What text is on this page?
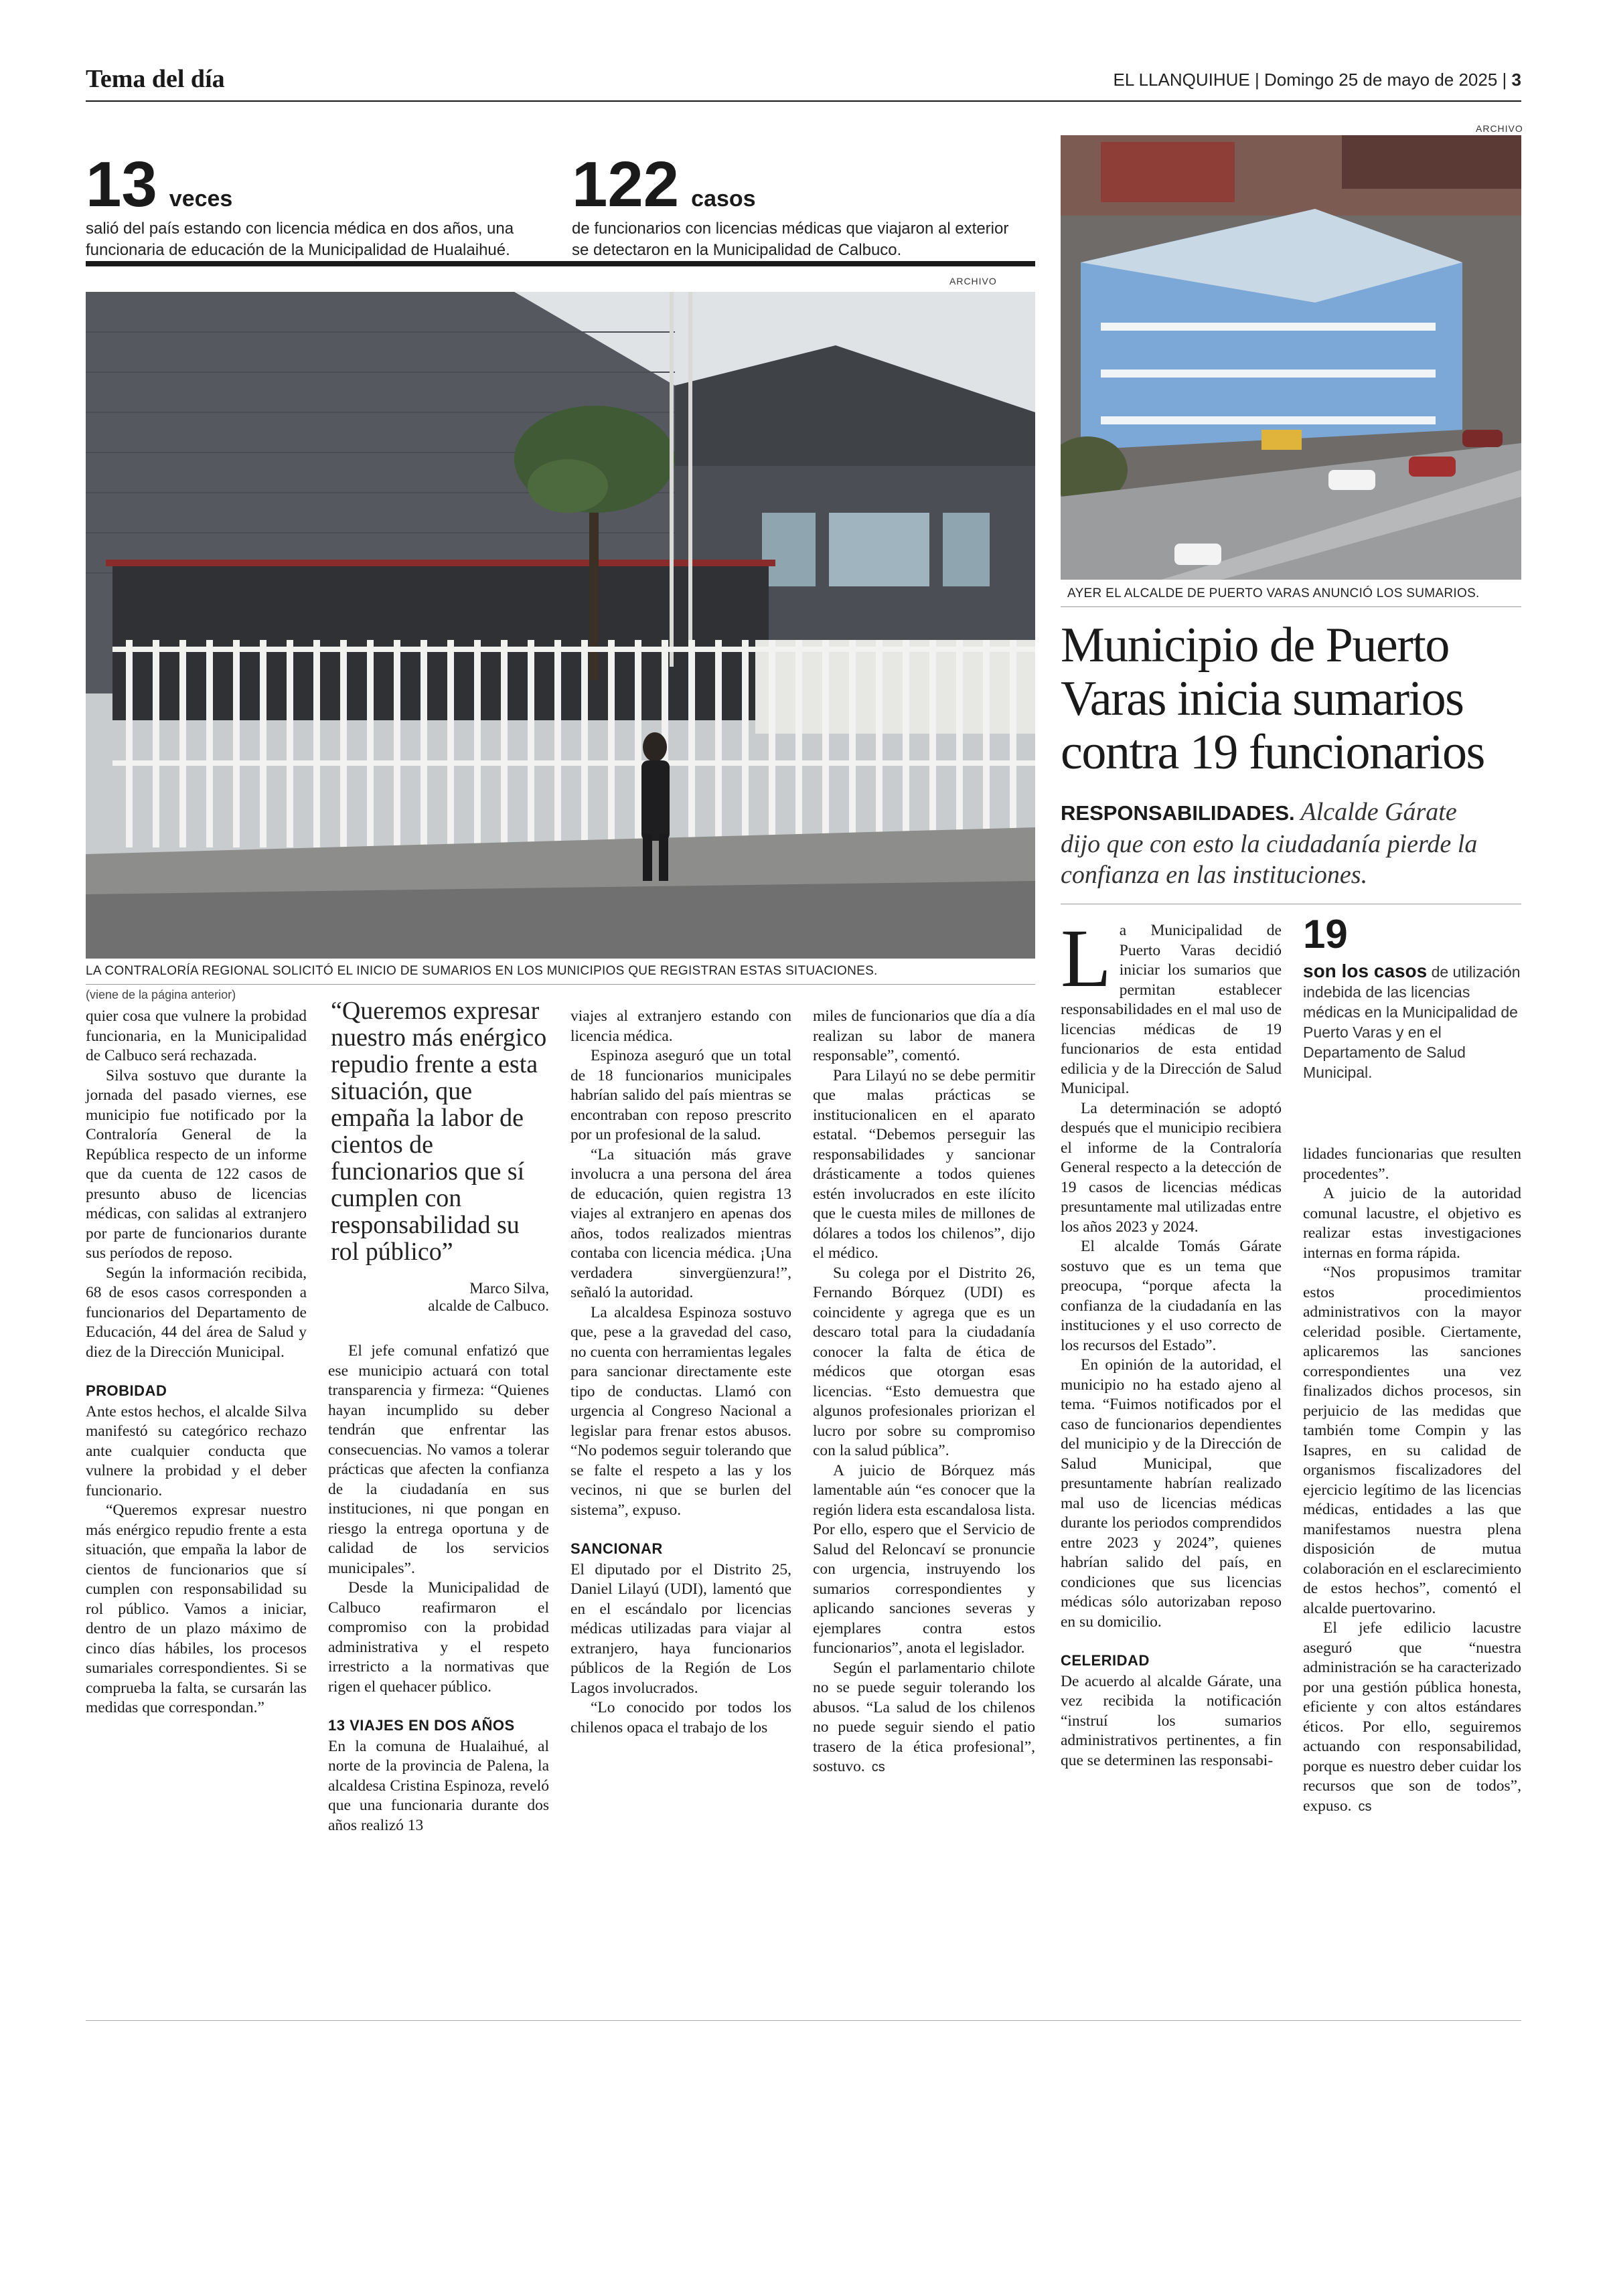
Tema del día	EL LLANQUIHUE | Domingo 25 de mayo de 2025 | 3
13 veces
salió del país estando con licencia médica en dos años, una
funcionaria de educación de la Municipalidad de Hualaihué.
122 casos
de funcionarios con licencias médicas que viajaron al exterior
se detectaron en la Municipalidad de Calbuco.
ARCHIVO
LA CONTRALORÍA REGIONAL SOLICITÓ EL INICIO DE SUMARIOS EN LOS MUNICIPIOS QUE REGISTRAN ESTAS SITUACIONES.
(viene de la página anterior)

quier cosa que vulnere la probidad funcionaria, en la Municipalidad de Calbuco será rechazada.

Silva sostuvo que durante la jornada del pasado viernes, ese municipio fue notificado por la Contraloría General de la República respecto de un informe que da cuenta de 122 casos de presunto abuso de licencias médicas, con salidas al extranjero por parte de funcionarios durante sus períodos de reposo.

Según la información recibida, 68 de esos casos corresponden a funcionarios del Departamento de Educación, 44 del área de Salud y diez de la Dirección Municipal.

PROBIDAD

Ante estos hechos, el alcalde Silva manifestó su categórico rechazo ante cualquier conducta que vulnere la probidad y el deber funcionario.

“Queremos expresar nuestro más enérgico repudio frente a esta situación, que empaña la labor de cientos de funcionarios que sí cumplen con responsabilidad su rol público. Vamos a iniciar, dentro de un plazo máximo de cinco días hábiles, los procesos sumariales correspondientes. Si se comprueba la falta, se cursarán las medidas que correspondan.”

“Queremos expresar nuestro más enérgico repudio frente a esta situación, que empaña la labor de cientos de funcionarios que sí cumplen con responsabilidad su rol público”
Marco Silva,
alcalde de Calbuco.

El jefe comunal enfatizó que ese municipio actuará con total transparencia y firmeza: “Quienes hayan incumplido su deber tendrán que enfrentar las consecuencias. No vamos a tolerar prácticas que afecten la confianza de la ciudadanía en sus instituciones, ni que pongan en riesgo la entrega oportuna y de calidad de los servicios municipales”.

Desde la Municipalidad de Calbuco reafirmaron el compromiso con la probidad administrativa y el respeto irrestricto a la normativas que rigen el quehacer público.

13 VIAJES EN DOS AÑOS

En la comuna de Hualaihué, al norte de la provincia de Palena, la alcaldesa Cristina Espinoza, reveló que una funcionaria durante dos años realizó 13

viajes al extranjero estando con licencia médica.

Espinoza aseguró que un total de 18 funcionarios municipales habrían salido del país mientras se encontraban con reposo prescrito por un profesional de la salud.

“La situación más grave involucra a una persona del área de educación, quien registra 13 viajes al extranjero en apenas dos años, todos realizados mientras contaba con licencia médica. ¡Una verdadera sinvergüenzura!”, señaló la autoridad.

La alcaldesa Espinoza sostuvo que, pese a la gravedad del caso, no cuenta con herramientas legales para sancionar directamente este tipo de conductas. Llamó con urgencia al Congreso Nacional a legislar para frenar estos abusos. “No podemos seguir tolerando que se falte el respeto a las y los vecinos, ni que se burlen del sistema”, expuso.

SANCIONAR

El diputado por el Distrito 25, Daniel Lilayú (UDI), lamentó que en el escándalo por licencias médicas utilizadas para viajar al extranjero, haya funcionarios públicos de la Región de Los Lagos involucrados.

“Lo conocido por todos los chilenos opaca el trabajo de los

miles de funcionarios que día a día realizan su labor de manera responsable”, comentó.

Para Lilayú no se debe permitir que malas prácticas se institucionalicen en el aparato estatal. “Debemos perseguir las responsabilidades y sancionar drásticamente a todos quienes estén involucrados en este ilícito que le cuesta miles de millones de dólares a todos los chilenos”, dijo el médico.

Su colega por el Distrito 26, Fernando Bórquez (UDI) es coincidente y agrega que es un descaro total para la ciudadanía conocer la falta de ética de médicos que otorgan esas licencias. “Esto demuestra que algunos profesionales priorizan el lucro por sobre su compromiso con la salud pública”.

A juicio de Bórquez más lamentable aún “es conocer que la región lidera esta escandalosa lista. Por ello, espero que el Servicio de Salud del Reloncaví se pronuncie con urgencia, instruyendo los sumarios correspondientes y aplicando sanciones severas y ejemplares contra estos funcionarios”, anota el legislador.

Según el parlamentario chilote no se puede seguir tolerando los abusos. “La salud de los chilenos no puede seguir siendo el patio trasero de la ética profesional”, sostuvo. cs

ARCHIVO
AYER EL ALCALDE DE PUERTO VARAS ANUNCIÓ LOS SUMARIOS.
Municipio de Puerto Varas inicia sumarios contra 19 funcionarios
RESPONSABILIDADES. Alcalde Gárate dijo que con esto la ciudadanía pierde la confianza en las instituciones.

La Municipalidad de Puerto Varas decidió iniciar los sumarios que permitan establecer responsabilidades en el mal uso de licencias médicas de 19 funcionarios de esta entidad edilicia y de la Dirección de Salud Municipal.

La determinación se adoptó después que el municipio recibiera el informe de la Contraloría General respecto a la detección de 19 casos de licencias médicas presuntamente mal utilizadas entre los años 2023 y 2024.

El alcalde Tomás Gárate sostuvo que es un tema que preocupa, “porque afecta la confianza de la ciudadanía en las instituciones y el uso correcto de los recursos del Estado”.

En opinión de la autoridad, el municipio no ha estado ajeno al tema. “Fuimos notificados por el caso de funcionarios dependientes del municipio y de la Dirección de Salud Municipal, que presuntamente habrían realizado mal uso de licencias médicas durante los periodos comprendidos entre 2023 y 2024”, quienes habrían salido del país, en condiciones que sus licencias médicas sólo autorizaban reposo en su domicilio.

CELERIDAD

De acuerdo al alcalde Gárate, una vez recibida la notificación “instruí los sumarios administrativos pertinentes, a fin que se determinen las responsabi-

19
son los casos de utilización indebida de las licencias médicas en la Municipalidad de Puerto Varas y en el Departamento de Salud Municipal.

lidades funcionarias que resulten procedentes”.

A juicio de la autoridad comunal lacustre, el objetivo es realizar estas investigaciones internas en forma rápida.

“Nos propusimos tramitar estos procedimientos administrativos con la mayor celeridad posible. Ciertamente, aplicaremos las sanciones correspondientes una vez finalizados dichos procesos, sin perjuicio de las medidas que también tome Compin y las Isapres, en su calidad de organismos fiscalizadores del ejercicio legítimo de las licencias médicas, entidades a las que manifestamos nuestra plena disposición de mutua colaboración en el esclarecimiento de estos hechos”, comentó el alcalde puertovarino.

El jefe edilicio lacustre aseguró que “nuestra administración se ha caracterizado por una gestión pública honesta, eficiente y con altos estándares éticos. Por ello, seguiremos actuando con responsabilidad, porque es nuestro deber cuidar los recursos que son de todos”, expuso. cs
